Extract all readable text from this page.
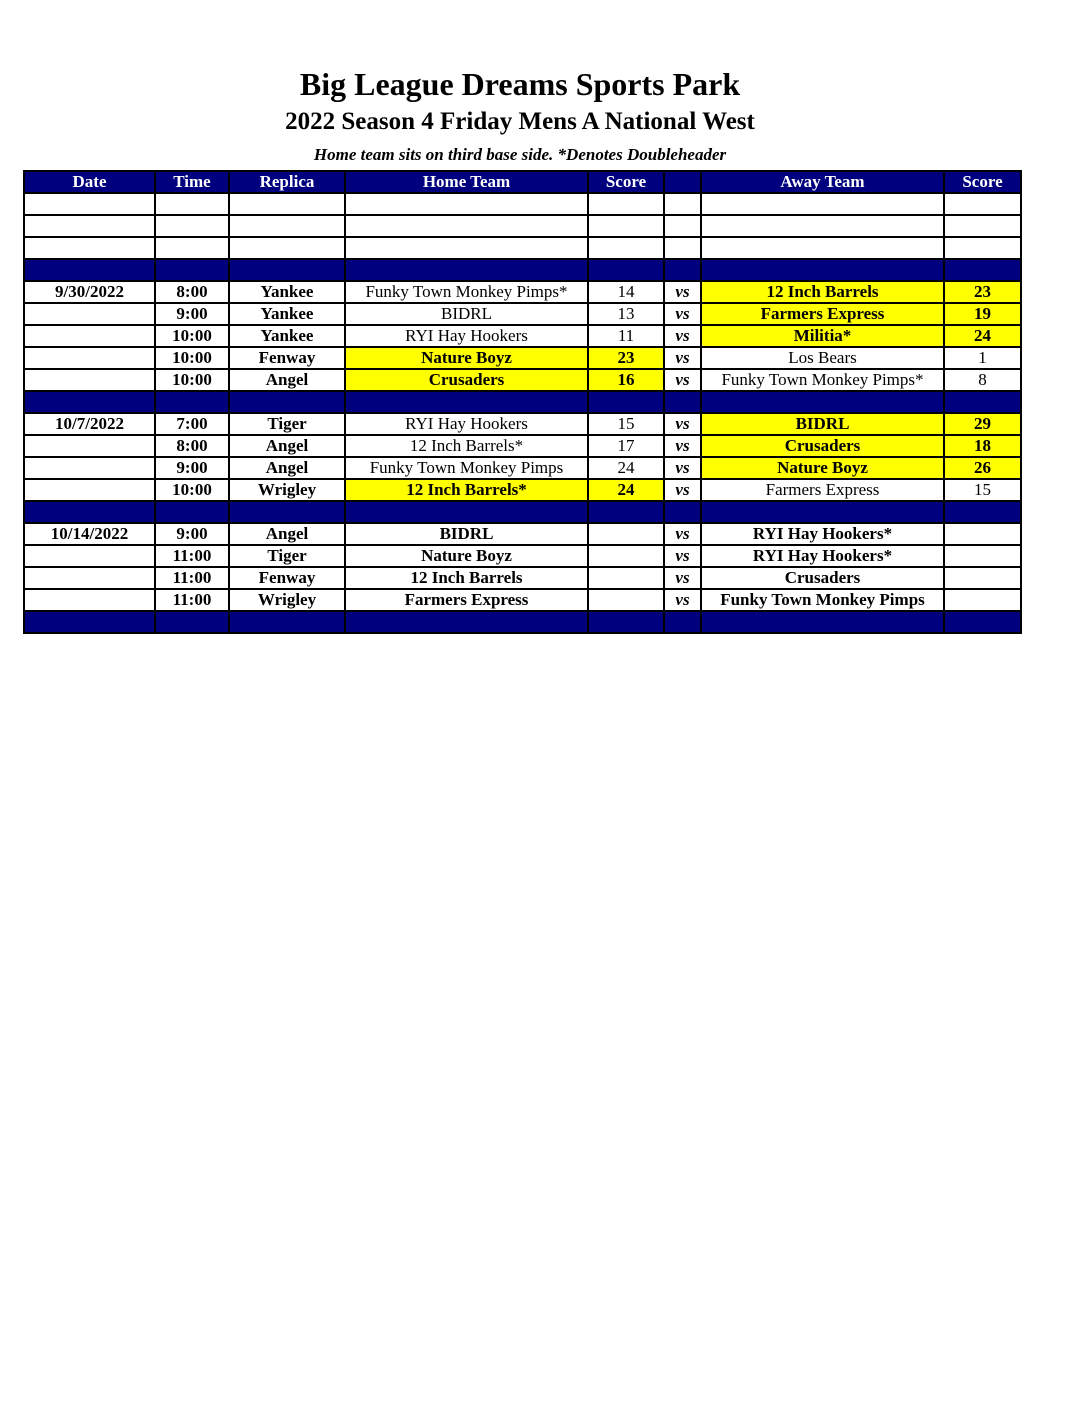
Big League Dreams Sports Park
2022 Season 4 Friday Mens A National West
Home team sits on third base side. *Denotes Doubleheader
Date	Time	Replica	Home Team	Score		Away Team	Score

9/30/2022	8:00	Yankee	Funky Town Monkey Pimps*	14	vs	12 Inch Barrels	23
	9:00	Yankee	BIDRL	13	vs	Farmers Express	19
	10:00	Yankee	RYI Hay Hookers	11	vs	Militia*	24
	10:00	Fenway	Nature Boyz	23	vs	Los Bears	1
	10:00	Angel	Crusaders	16	vs	Funky Town Monkey Pimps*	8

10/7/2022	7:00	Tiger	RYI Hay Hookers	15	vs	BIDRL	29
	8:00	Angel	12 Inch Barrels*	17	vs	Crusaders	18
	9:00	Angel	Funky Town Monkey Pimps	24	vs	Nature Boyz	26
	10:00	Wrigley	12 Inch Barrels*	24	vs	Farmers Express	15

10/14/2022	9:00	Angel	BIDRL		vs	RYI Hay Hookers*	
	11:00	Tiger	Nature Boyz		vs	RYI Hay Hookers*	
	11:00	Fenway	12 Inch Barrels		vs	Crusaders	
	11:00	Wrigley	Farmers Express		vs	Funky Town Monkey Pimps	
